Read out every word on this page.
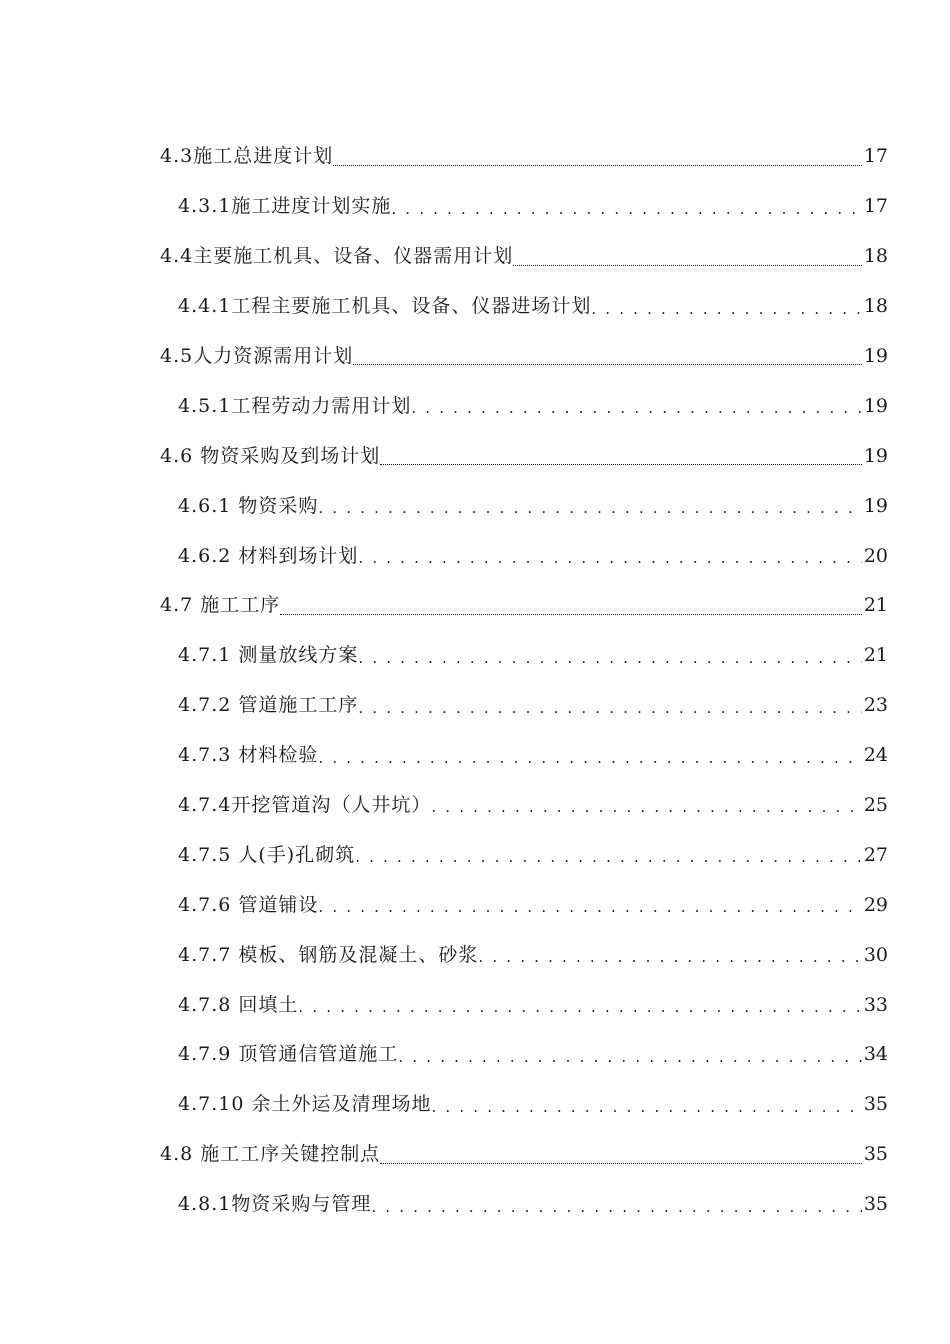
4.3施工总进度计划	17
4.3.1施工进度计划实施 . . .	17
4.4主要施工机具、设备、仪器需用计划	18
4.4.1工程主要施工机具、设备、仪器进场计划 . . .	18
4.5人力资源需用计划	19
4.5.1工程劳动力需用计划 . . .	19
4.6 物资采购及到场计划	19
4.6.1 物资采购 . . .	19
4.6.2 材料到场计划 . . .	20
4.7 施工工序	21
4.7.1 测量放线方案 . . .	21
4.7.2 管道施工工序 . . .	23
4.7.3 材料检验 . . .	24
4.7.4开挖管道沟（人井坑） . . .	25
4.7.5 人(手)孔砌筑 . . .	27
4.7.6 管道铺设 . . .	29
4.7.7 模板、钢筋及混凝土、砂浆 . . .	30
4.7.8 回填土 . . .	33
4.7.9 顶管通信管道施工 . . .	34
4.7.10 余土外运及清理场地 . . .	35
4.8 施工工序关键控制点	35
4.8.1物资采购与管理 . . .	35
